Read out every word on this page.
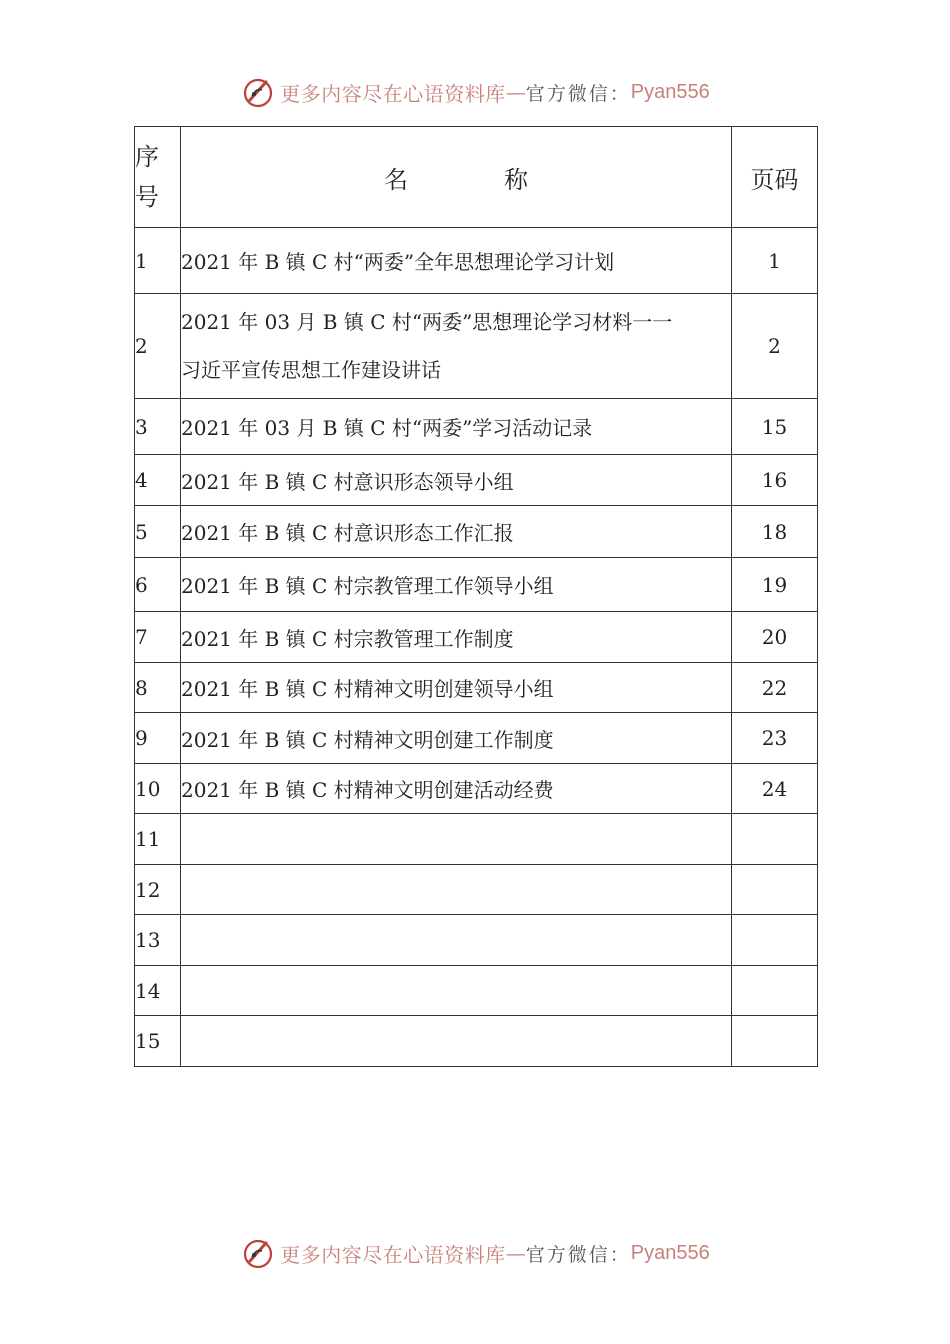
更多内容尽在心语资料库 — 官方微信： Pyan556
序
号	名 称	页码
1	2021 年 B 镇 C 村“两委”全年思想理论学习计划	1
2	2021 年 03 月 B 镇 C 村“两委”思想理论学习材料一一
习近平宣传思想工作建设讲话	2
3	2021 年 03 月 B 镇 C 村“两委”学习活动记录	15
4	2021 年 B 镇 C 村意识形态领导小组	16
5	2021 年 B 镇 C 村意识形态工作汇报	18
6	2021 年 B 镇 C 村宗教管理工作领导小组	19
7	2021 年 B 镇 C 村宗教管理工作制度	20
8	2021 年 B 镇 C 村精神文明创建领导小组	22
9	2021 年 B 镇 C 村精神文明创建工作制度	23
10	2021 年 B 镇 C 村精神文明创建活动经费	24
11		
12		
13		
14		
15		
更多内容尽在心语资料库 — 官方微信： Pyan556
